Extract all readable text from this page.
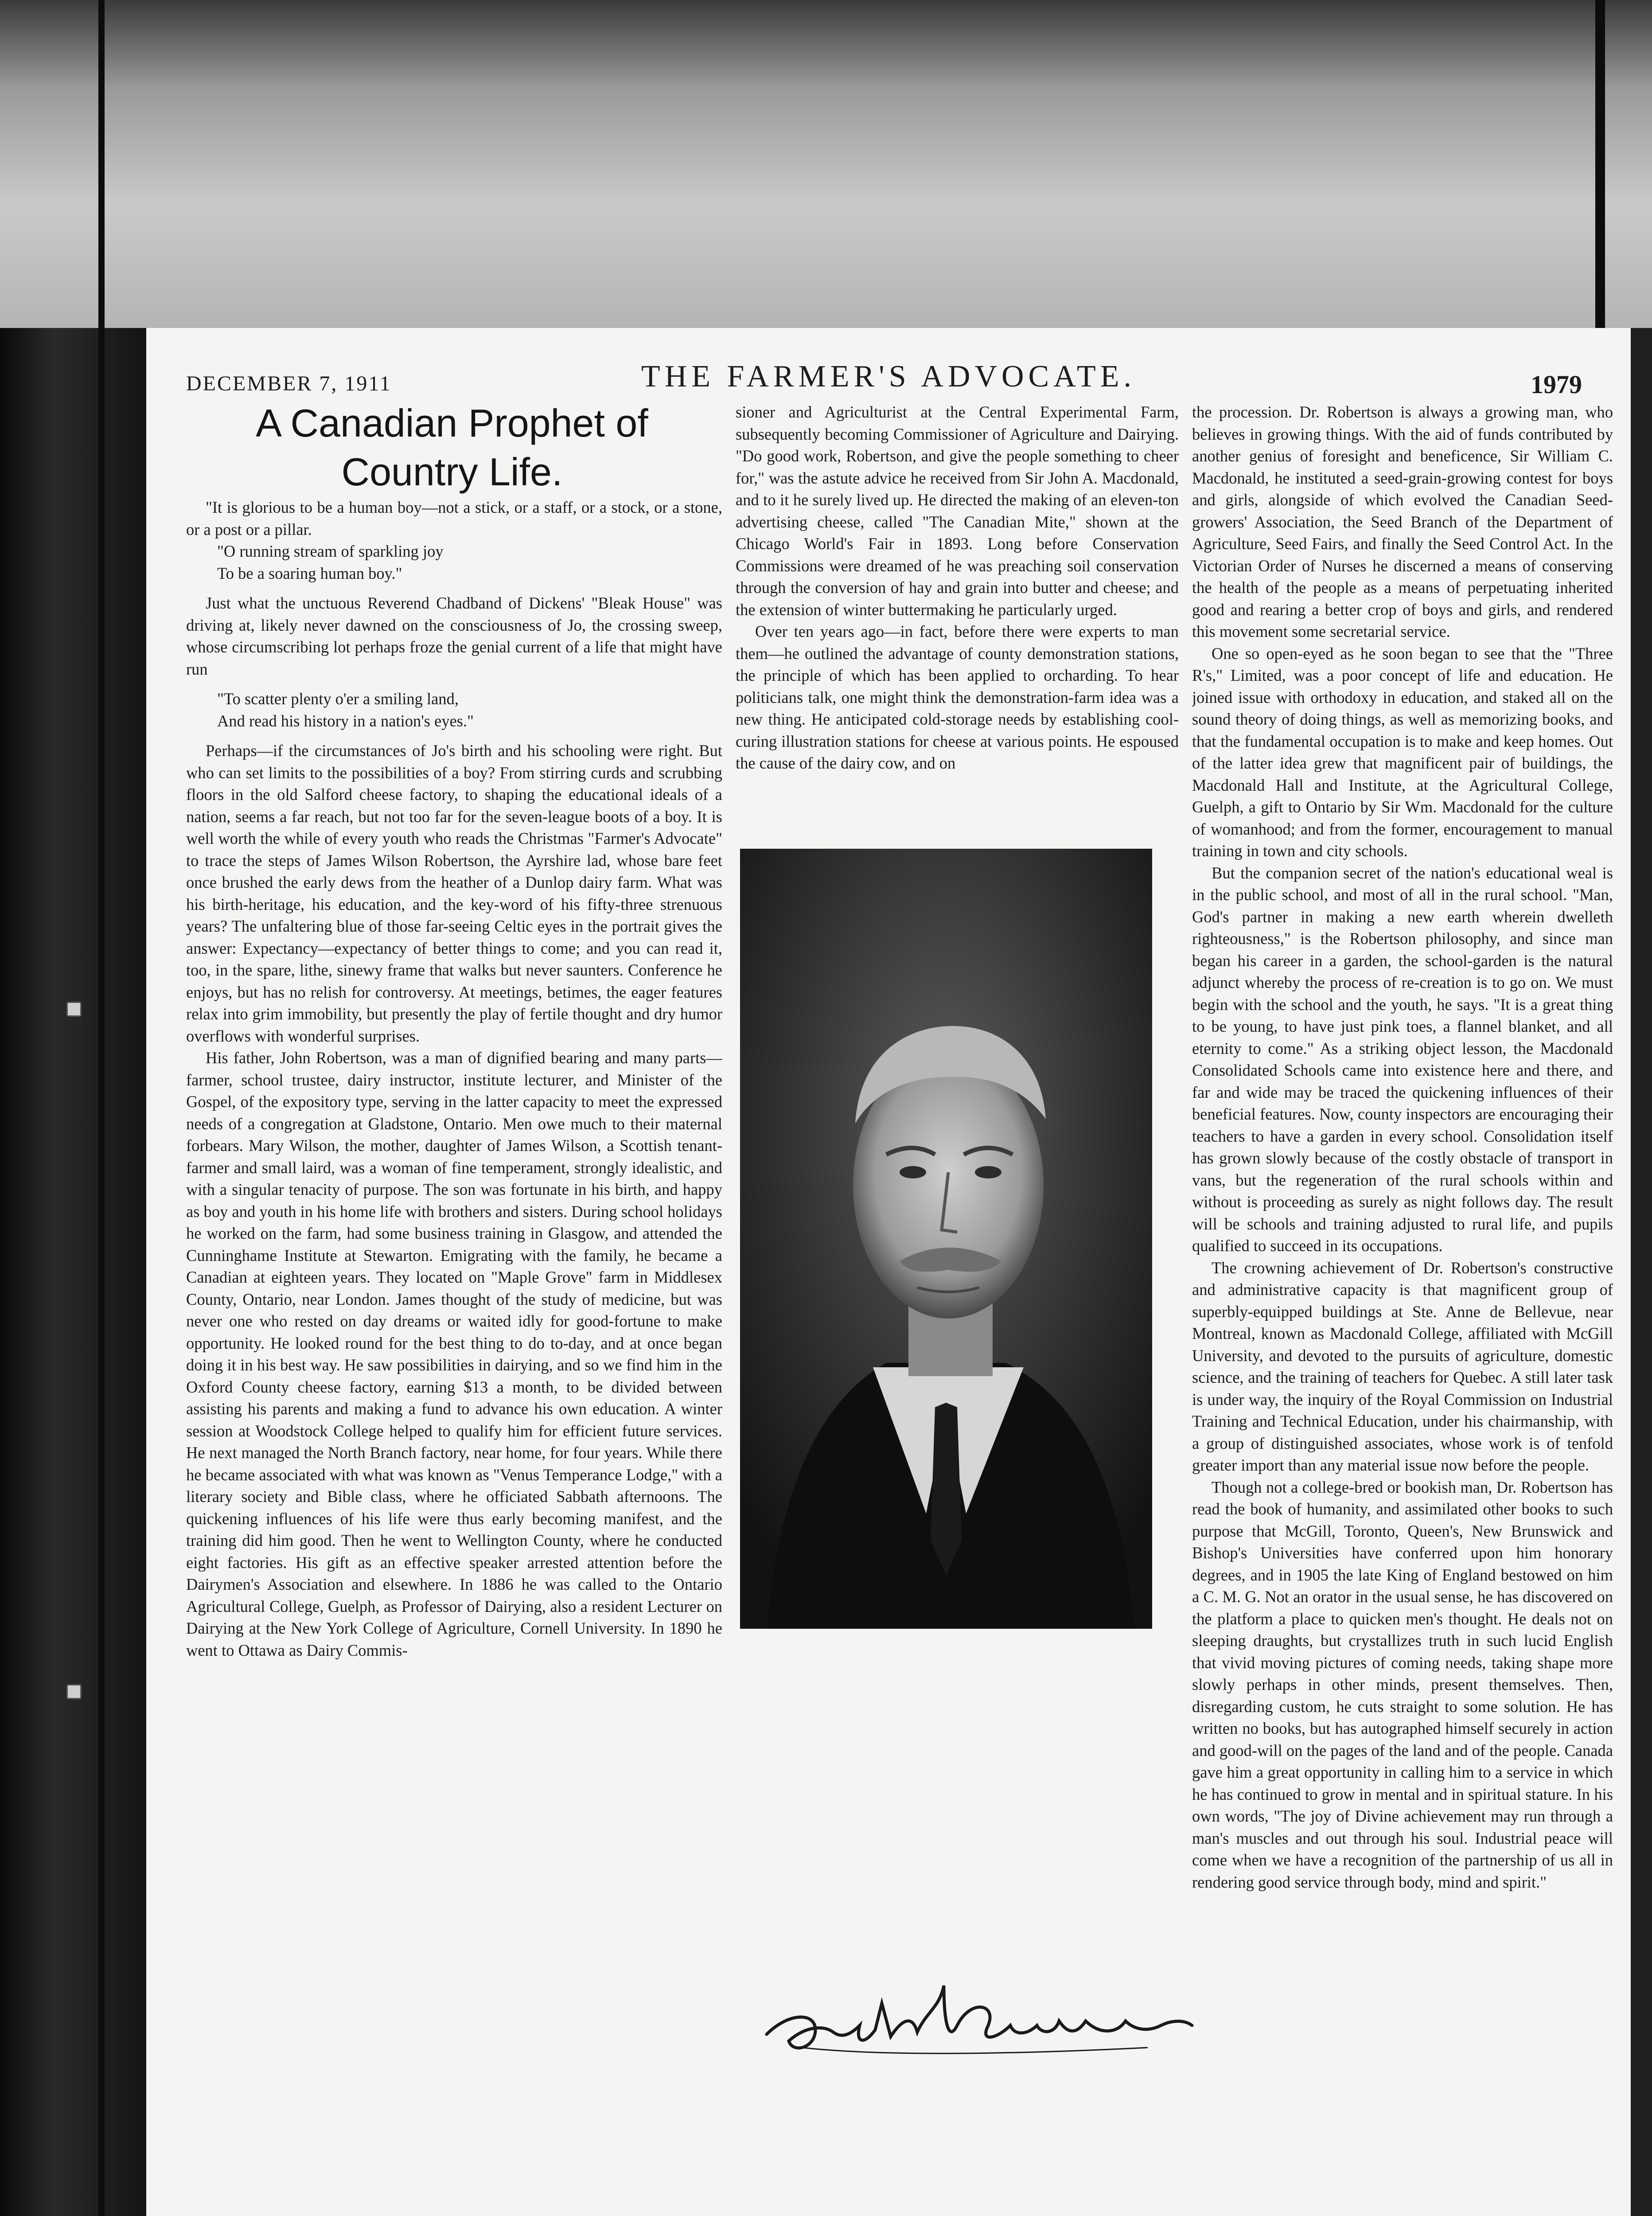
DECEMBER 7, 1911	THE FARMER'S ADVOCATE.	1979
A Canadian Prophet of Country Life.

"It is glorious to be a human boy—not a stick, or a staff, or a stock, or a stone, or a post or a pillar.

"O running stream of sparkling joy

To be a soaring human boy."

Just what the unctuous Reverend Chadband of Dickens' "Bleak House" was driving at, likely never dawned on the consciousness of Jo, the crossing sweep, whose circumscribing lot perhaps froze the genial current of a life that might have run

"To scatter plenty o'er a smiling land,

And read his history in a nation's eyes."

Perhaps—if the circumstances of Jo's birth and his schooling were right. But who can set limits to the possibilities of a boy? From stirring curds and scrubbing floors in the old Salford cheese factory, to shaping the educational ideals of a nation, seems a far reach, but not too far for the seven-league boots of a boy. It is well worth the while of every youth who reads the Christmas "Farmer's Advocate" to trace the steps of James Wilson Robertson, the Ayrshire lad, whose bare feet once brushed the early dews from the heather of a Dunlop dairy farm. What was his birth-heritage, his education, and the key-word of his fifty-three strenuous years? The unfaltering blue of those far-seeing Celtic eyes in the portrait gives the answer: Expectancy—expectancy of better things to come; and you can read it, too, in the spare, lithe, sinewy frame that walks but never saunters. Conference he enjoys, but has no relish for controversy. At meetings, betimes, the eager features relax into grim immobility, but presently the play of fertile thought and dry humor overflows with wonderful surprises.

His father, John Robertson, was a man of dignified bearing and many parts—farmer, school trustee, dairy instructor, institute lecturer, and Minister of the Gospel, of the expository type, serving in the latter capacity to meet the expressed needs of a congregation at Gladstone, Ontario. Men owe much to their maternal forbears. Mary Wilson, the mother, daughter of James Wilson, a Scottish tenant-farmer and small laird, was a woman of fine temperament, strongly idealistic, and with a singular tenacity of purpose. The son was fortunate in his birth, and happy as boy and youth in his home life with brothers and sisters. During school holidays he worked on the farm, had some business training in Glasgow, and attended the Cunninghame Institute at Stewarton. Emigrating with the family, he became a Canadian at eighteen years. They located on "Maple Grove" farm in Middlesex County, Ontario, near London. James thought of the study of medicine, but was never one who rested on day dreams or waited idly for good-fortune to make opportunity. He looked round for the best thing to do to-day, and at once began doing it in his best way. He saw possibilities in dairying, and so we find him in the Oxford County cheese factory, earning $13 a month, to be divided between assisting his parents and making a fund to advance his own education. A winter session at Woodstock College helped to qualify him for efficient future services. He next managed the North Branch factory, near home, for four years. While there he became associated with what was known as "Venus Temperance Lodge," with a literary society and Bible class, where he officiated Sabbath afternoons. The quickening influences of his life were thus early becoming manifest, and the training did him good. Then he went to Wellington County, where he conducted eight factories. His gift as an effective speaker arrested attention before the Dairymen's Association and elsewhere. In 1886 he was called to the Ontario Agricultural College, Guelph, as Professor of Dairying, also a resident Lecturer on Dairying at the New York College of Agriculture, Cornell University. In 1890 he went to Ottawa as Dairy Commis-

sioner and Agriculturist at the Central Experimental Farm, subsequently becoming Commissioner of Agriculture and Dairying. "Do good work, Robertson, and give the people something to cheer for," was the astute advice he received from Sir John A. Macdonald, and to it he surely lived up. He directed the making of an eleven-ton advertising cheese, called "The Canadian Mite," shown at the Chicago World's Fair in 1893. Long before Conservation Commissions were dreamed of he was preaching soil conservation through the conversion of hay and grain into butter and cheese; and the extension of winter buttermaking he particularly urged.

Over ten years ago—in fact, before there were experts to man them—he outlined the advantage of county demonstration stations, the principle of which has been applied to orcharding. To hear politicians talk, one might think the demonstration-farm idea was a new thing. He anticipated cold-storage needs by establishing cool-curing illustration stations for cheese at various points. He espoused the cause of the dairy cow, and on

the procession. Dr. Robertson is always a growing man, who believes in growing things. With the aid of funds contributed by another genius of foresight and beneficence, Sir William C. Macdonald, he instituted a seed-grain-growing contest for boys and girls, alongside of which evolved the Canadian Seed-growers' Association, the Seed Branch of the Department of Agriculture, Seed Fairs, and finally the Seed Control Act. In the Victorian Order of Nurses he discerned a means of conserving the health of the people as a means of perpetuating inherited good and rearing a better crop of boys and girls, and rendered this movement some secretarial service.

One so open-eyed as he soon began to see that the "Three R's," Limited, was a poor concept of life and education. He joined issue with orthodoxy in education, and staked all on the sound theory of doing things, as well as memorizing books, and that the fundamental occupation is to make and keep homes. Out of the latter idea grew that magnificent pair of buildings, the Macdonald Hall and Institute, at the Agricultural College, Guelph, a gift to Ontario by Sir Wm. Macdonald for the culture of womanhood; and from the former, encouragement to manual training in town and city schools.

But the companion secret of the nation's educational weal is in the public school, and most of all in the rural school. "Man, God's partner in making a new earth wherein dwelleth righteousness," is the Robertson philosophy, and since man began his career in a garden, the school-garden is the natural adjunct whereby the process of re-creation is to go on. We must begin with the school and the youth, he says. "It is a great thing to be young, to have just pink toes, a flannel blanket, and all eternity to come." As a striking object lesson, the Macdonald Consolidated Schools came into existence here and there, and far and wide may be traced the quickening influences of their beneficial features. Now, county inspectors are encouraging their teachers to have a garden in every school. Consolidation itself has grown slowly because of the costly obstacle of transport in vans, but the regeneration of the rural schools within and without is proceeding as surely as night follows day. The result will be schools and training adjusted to rural life, and pupils qualified to succeed in its occupations.

The crowning achievement of Dr. Robertson's constructive and administrative capacity is that magnificent group of superbly-equipped buildings at Ste. Anne de Bellevue, near Montreal, known as Macdonald College, affiliated with McGill University, and devoted to the pursuits of agriculture, domestic science, and the training of teachers for Quebec. A still later task is under way, the inquiry of the Royal Commission on Industrial Training and Technical Education, under his chairmanship, with a group of distinguished associates, whose work is of tenfold greater import than any material issue now before the people.

Though not a college-bred or bookish man, Dr. Robertson has read the book of humanity, and assimilated other books to such purpose that McGill, Toronto, Queen's, New Brunswick and Bishop's Universities have conferred upon him honorary degrees, and in 1905 the late King of England bestowed on him a C. M. G. Not an orator in the usual sense, he has discovered on the platform a place to quicken men's thought. He deals not on sleeping draughts, but crystallizes truth in such lucid English that vivid moving pictures of coming needs, taking shape more slowly perhaps in other minds, present themselves. Then, disregarding custom, he cuts straight to some solution. He has written no books, but has autographed himself securely in action and good-will on the pages of the land and of the people. Canada gave him a great opportunity in calling him to a service in which he has continued to grow in mental and in spiritual stature. In his own words, "The joy of Divine achievement may run through a man's muscles and out through his soul. Industrial peace will come when we have a recognition of the partnership of us all in rendering good service through body, mind and spirit."
